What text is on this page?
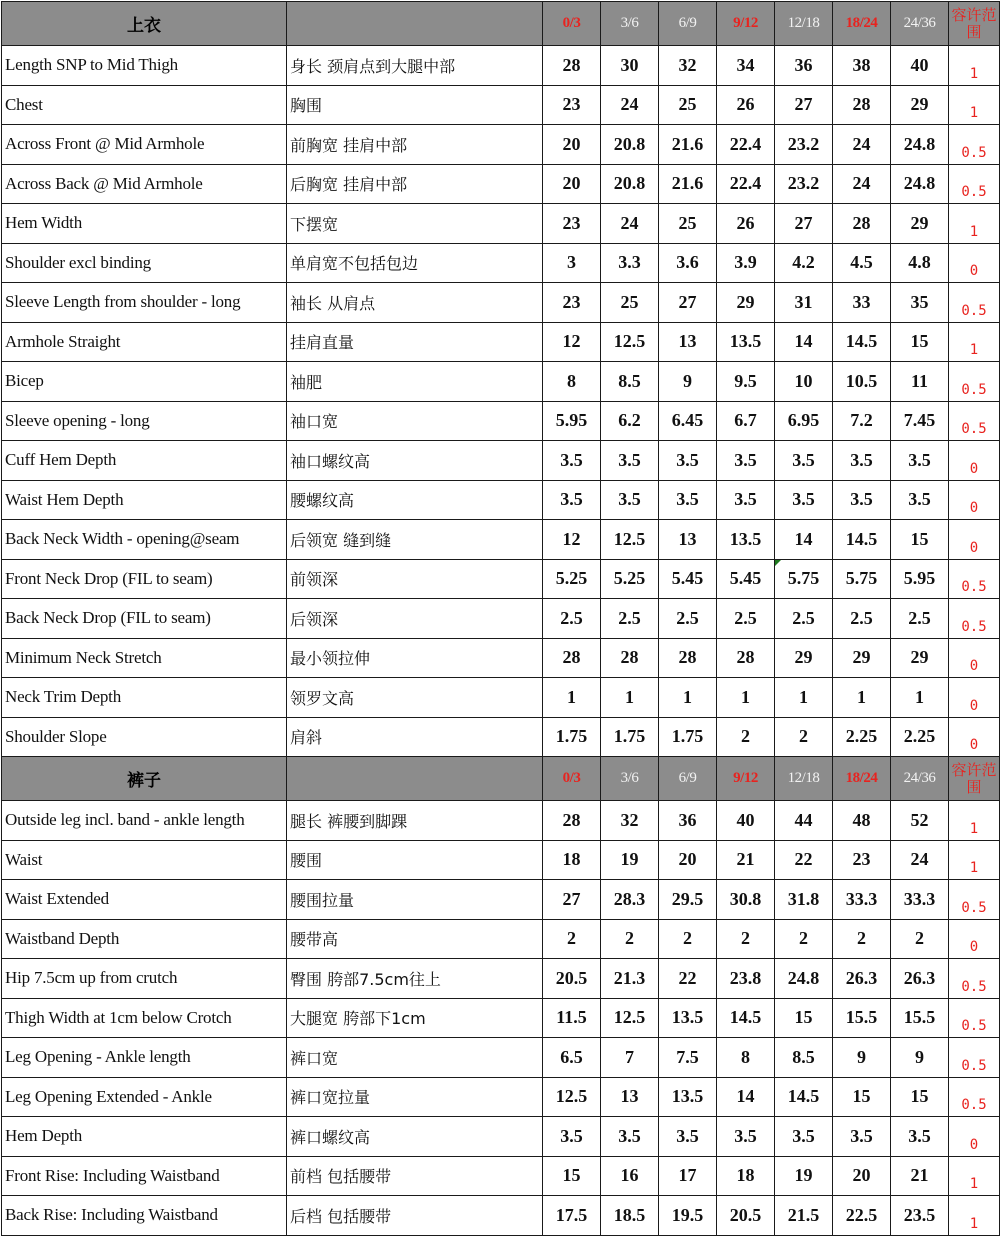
上衣		0/3	3/6	6/9	9/12	12/18	18/24	24/36	容许范围
Length SNP to Mid Thigh	身长 颈肩点到大腿中部	28	30	32	34	36	38	40	1
Chest	胸围	23	24	25	26	27	28	29	1
Across Front @ Mid Armhole	前胸宽 挂肩中部	20	20.8	21.6	22.4	23.2	24	24.8	0.5
Across Back @ Mid Armhole	后胸宽 挂肩中部	20	20.8	21.6	22.4	23.2	24	24.8	0.5
Hem Width	下摆宽	23	24	25	26	27	28	29	1
Shoulder excl binding	单肩宽不包括包边	3	3.3	3.6	3.9	4.2	4.5	4.8	0
Sleeve Length from shoulder - long	袖长 从肩点	23	25	27	29	31	33	35	0.5
Armhole Straight	挂肩直量	12	12.5	13	13.5	14	14.5	15	1
Bicep	袖肥	8	8.5	9	9.5	10	10.5	11	0.5
Sleeve opening - long	袖口宽	5.95	6.2	6.45	6.7	6.95	7.2	7.45	0.5
Cuff Hem Depth	袖口螺纹高	3.5	3.5	3.5	3.5	3.5	3.5	3.5	0
Waist Hem Depth	腰螺纹高	3.5	3.5	3.5	3.5	3.5	3.5	3.5	0
Back Neck Width - opening@seam	后领宽 缝到缝	12	12.5	13	13.5	14	14.5	15	0
Front Neck Drop (FIL to seam)	前领深	5.25	5.25	5.45	5.45	5.75	5.75	5.95	0.5
Back Neck Drop (FIL to seam)	后领深	2.5	2.5	2.5	2.5	2.5	2.5	2.5	0.5
Minimum Neck Stretch	最小领拉伸	28	28	28	28	29	29	29	0
Neck Trim Depth	领罗文高	1	1	1	1	1	1	1	0
Shoulder Slope	肩斜	1.75	1.75	1.75	2	2	2.25	2.25	0
裤子		0/3	3/6	6/9	9/12	12/18	18/24	24/36	容许范围
Outside leg incl. band - ankle length	腿长 裤腰到脚踝	28	32	36	40	44	48	52	1
Waist	腰围	18	19	20	21	22	23	24	1
Waist Extended	腰围拉量	27	28.3	29.5	30.8	31.8	33.3	33.3	0.5
Waistband Depth	腰带高	2	2	2	2	2	2	2	0
Hip 7.5cm up from crutch	臀围 胯部7.5cm往上	20.5	21.3	22	23.8	24.8	26.3	26.3	0.5
Thigh Width at 1cm below Crotch	大腿宽 胯部下1cm	11.5	12.5	13.5	14.5	15	15.5	15.5	0.5
Leg Opening - Ankle length	裤口宽	6.5	7	7.5	8	8.5	9	9	0.5
Leg Opening Extended - Ankle	裤口宽拉量	12.5	13	13.5	14	14.5	15	15	0.5
Hem Depth	裤口螺纹高	3.5	3.5	3.5	3.5	3.5	3.5	3.5	0
Front Rise: Including Waistband	前档 包括腰带	15	16	17	18	19	20	21	1
Back Rise: Including Waistband	后档 包括腰带	17.5	18.5	19.5	20.5	21.5	22.5	23.5	1
